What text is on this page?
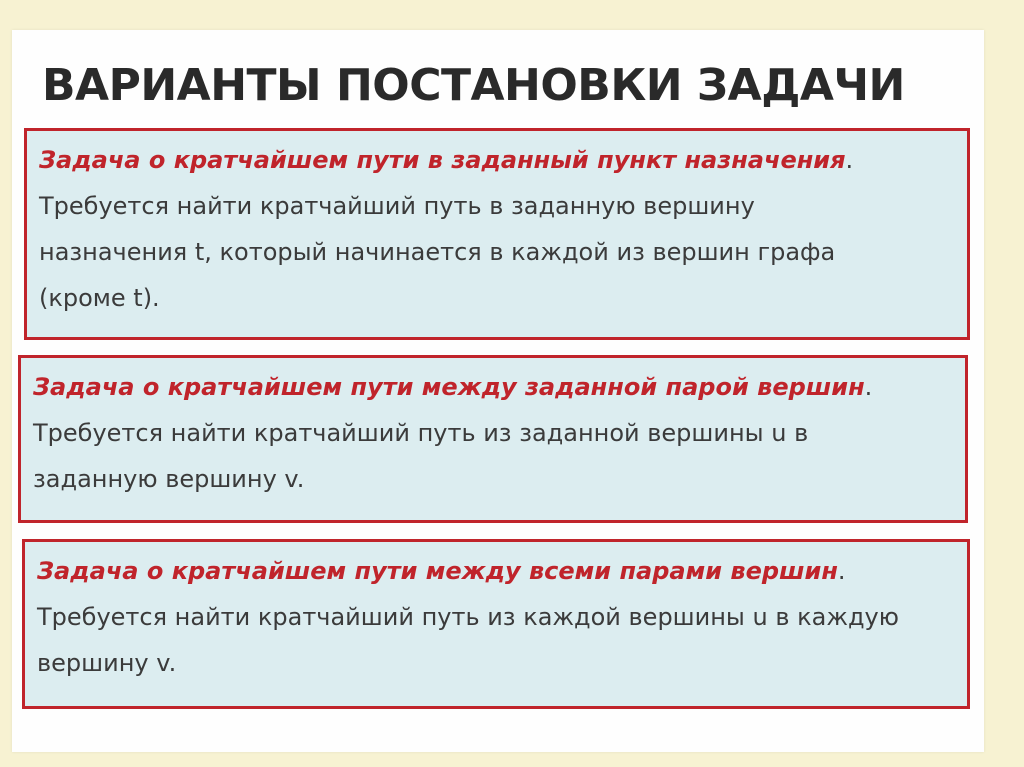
ВАРИАНТЫ ПОСТАНОВКИ ЗАДАЧИ

Задача о кратчайшем пути в заданный пункт назначения.

Требуется найти кратчайший путь в заданную вершину

назначения t, который начинается в каждой из вершин графа

(кроме t).

Задача о кратчайшем пути между заданной парой вершин.

Требуется найти кратчайший путь из заданной вершины u в

заданную вершину v.

Задача о кратчайшем пути между всеми парами вершин.

Требуется найти кратчайший путь из каждой вершины u в каждую

вершину v.
